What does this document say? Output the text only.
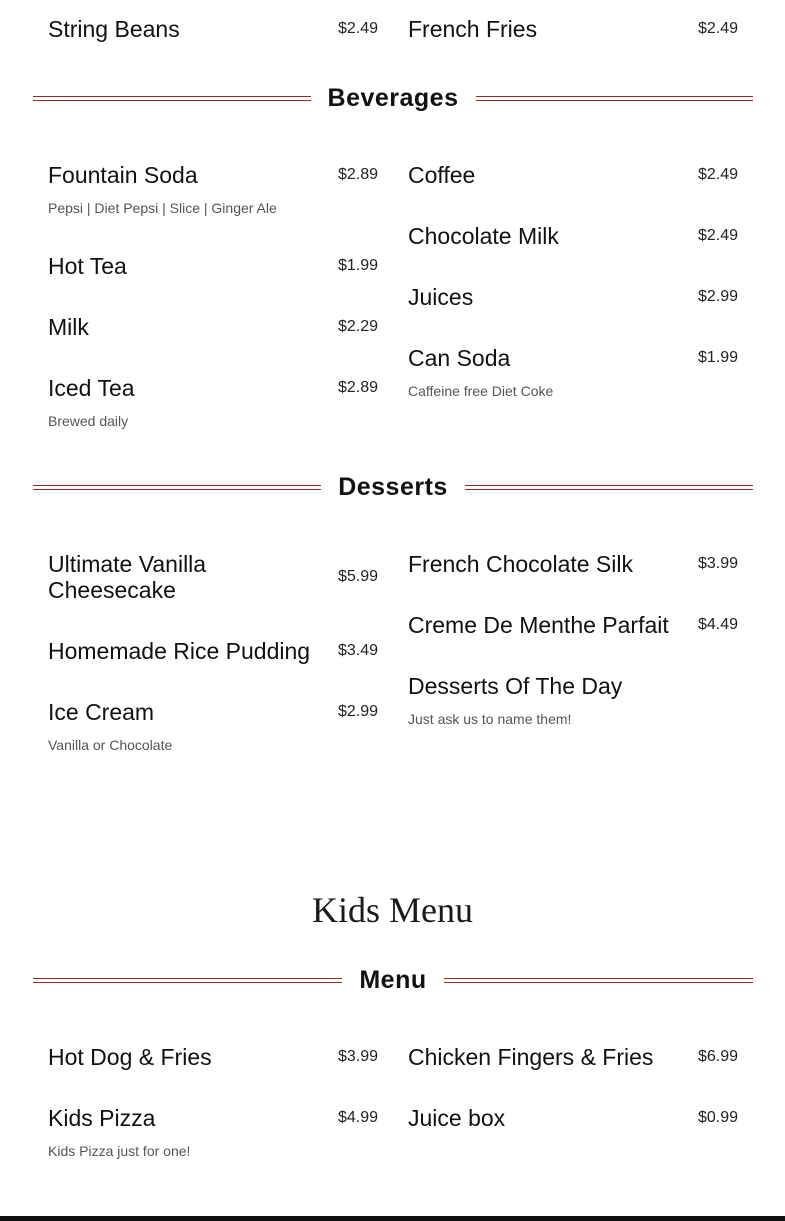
String Beans	$2.49 French Fries	$2.49
Beverages
Fountain Soda	$2.89
Pepsi | Diet Pepsi | Slice | Ginger Ale
Hot Tea	$1.99
Milk	$2.29
Iced Tea	$2.89
Brewed daily
Coffee	$2.49
Chocolate Milk	$2.49
Juices	$2.99
Can Soda	$1.99
Caffeine free Diet Coke
Desserts
Ultimate Vanilla Cheesecake
$5.99
Homemade Rice Pudding $3.49
Ice Cream	$2.99
Vanilla or Chocolate
French Chocolate Silk	$3.99
Creme De Menthe Parfait $4.49
Desserts Of The Day
Just ask us to name them!
Kids Menu
Menu
Hot Dog & Fries	$3.99
Kids Pizza	$4.99
Kids Pizza just for one!
Chicken Fingers & Fries	$6.99
Juice box	$0.99
